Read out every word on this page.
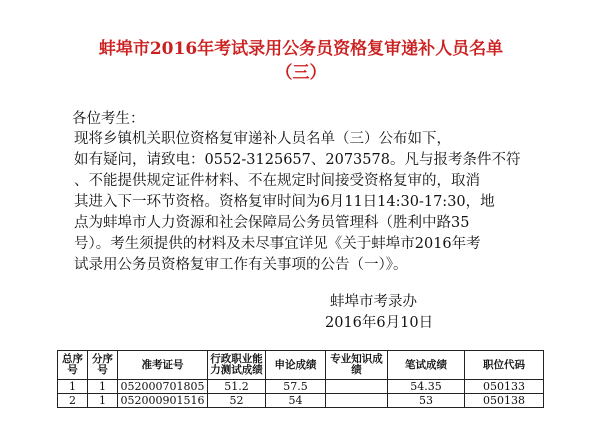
蚌埠市2016年考试录用公务员资格复审递补人员名单
（三）
各位考生：
现将乡镇机关职位资格复审递补人员名单（三）公布如下，
如有疑问，请致电：0552-3125657、2073578。凡与报考条件不符
、不能提供规定证件材料、不在规定时间接受资格复审的，取消
其进入下一环节资格。资格复审时间为6月11日14:30-17:30，地
点为蚌埠市人力资源和社会保障局公务员管理科（胜利中路35
号）。考生须提供的材料及未尽事宜详见《关于蚌埠市2016年考
试录用公务员资格复审工作有关事项的公告（一）》。
蚌埠市考录办
2016年6月10日
总序号	分序号	准考证号	行政职业能力测试成绩	申论成绩	专业知识成绩	笔试成绩	职位代码
1	1	052000701805	51.2	57.5		54.35	050133
2	1	052000901516	52	54		53	050138
